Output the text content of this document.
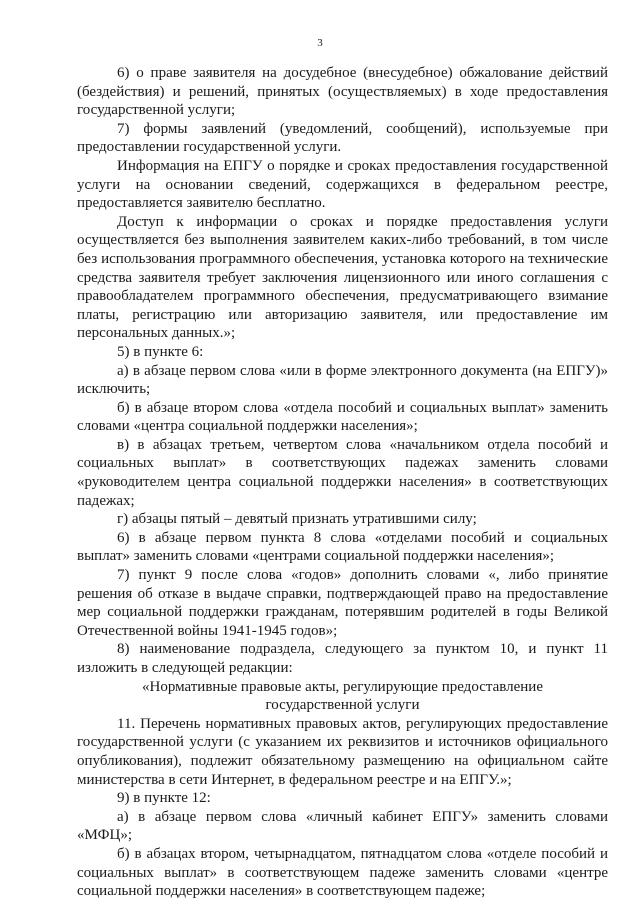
3

6) о праве заявителя на досудебное (внесудебное) обжалование действий (бездействия) и решений, принятых (осуществляемых) в ходе предоставления государственной услуги;

7) формы заявлений (уведомлений, сообщений), используемые при предоставлении государственной услуги.

Информация на ЕПГУ о порядке и сроках предоставления государственной услуги на основании сведений, содержащихся в федеральном реестре, предоставляется заявителю бесплатно.

Доступ к информации о сроках и порядке предоставления услуги осуществляется без выполнения заявителем каких-либо требований, в том числе без использования программного обеспечения, установка которого на технические средства заявителя требует заключения лицензионного или иного соглашения с правообладателем программного обеспечения, предусматривающего взимание платы, регистрацию или авторизацию заявителя, или предоставление им персональных данных.»;

5) в пункте 6:

а) в абзаце первом слова «или в форме электронного документа (на ЕПГУ)» исключить;

б) в абзаце втором слова «отдела пособий и социальных выплат» заменить словами «центра социальной поддержки населения»;

в) в абзацах третьем, четвертом слова «начальником отдела пособий и социальных выплат» в соответствующих падежах заменить словами «руководителем центра социальной поддержки населения» в соответствующих падежах;

г) абзацы пятый – девятый признать утратившими силу;

6) в абзаце первом пункта 8 слова «отделами пособий и социальных выплат» заменить словами «центрами социальной поддержки населения»;

7) пункт 9 после слова «годов» дополнить словами «, либо принятие решения об отказе в выдаче справки, подтверждающей право на предоставление мер социальной поддержки гражданам, потерявшим родителей в годы Великой Отечественной войны 1941-1945 годов»;

8) наименование подраздела, следующего за пунктом 10, и пункт 11 изложить в следующей редакции:

«Нормативные правовые акты, регулирующие предоставление государственной услуги

11. Перечень нормативных правовых актов, регулирующих предоставление государственной услуги (с указанием их реквизитов и источников официального опубликования), подлежит обязательному размещению на официальном сайте министерства в сети Интернет, в федеральном реестре и на ЕПГУ.»;

9) в пункте 12:

а) в абзаце первом слова «личный кабинет ЕПГУ» заменить словами «МФЦ»;

б) в абзацах втором, четырнадцатом, пятнадцатом слова «отделе пособий и социальных выплат» в соответствующем падеже заменить словами «центре социальной поддержки населения» в соответствующем падеже;
